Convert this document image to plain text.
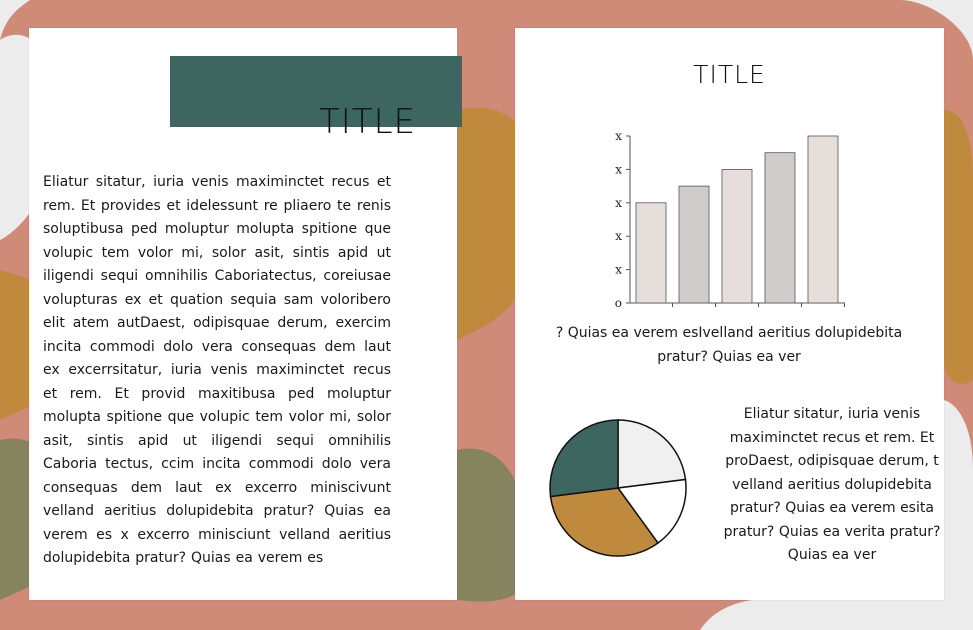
TITLE
Eliatur sitatur, iuria venis maximinctet recus et rem. Et provides et idelessunt re pliaero te renis soluptibusa ped moluptur molupta spitione que volupic tem volor mi, solor asit, sintis apid ut iligendi sequi omnihilis Caboriatectus, coreiusae volupturas ex et quation sequia sam voloribero elit atem autDaest, odipisquae derum, exercim incita commodi dolo vera consequas dem laut ex excerrsitatur, iuria venis maximinctet recus et rem. Et provid maxitibusa ped moluptur molupta spitione que volupic tem volor mi, solor asit, sintis apid ut iligendi sequi omnihilis Caboria tectus, ccim incita commodi dolo vera consequas dem laut ex excerro miniscivunt velland aeritius dolupidebita pratur? Quias ea verem es x excerro minisciunt velland aeritius dolupidebita pratur? Quias ea verem es
TITLE
o
x
x
x
x
x
? Quias ea verem esIvelland aeritius dolupidebita pratur? Quias ea ver
Eliatur sitatur, iuria venis maximinctet recus et rem. Et proDaest, odipisquae derum, t velland aeritius dolupidebita pratur? Quias ea verem esita pratur? Quias ea verita pratur? Quias ea ver
